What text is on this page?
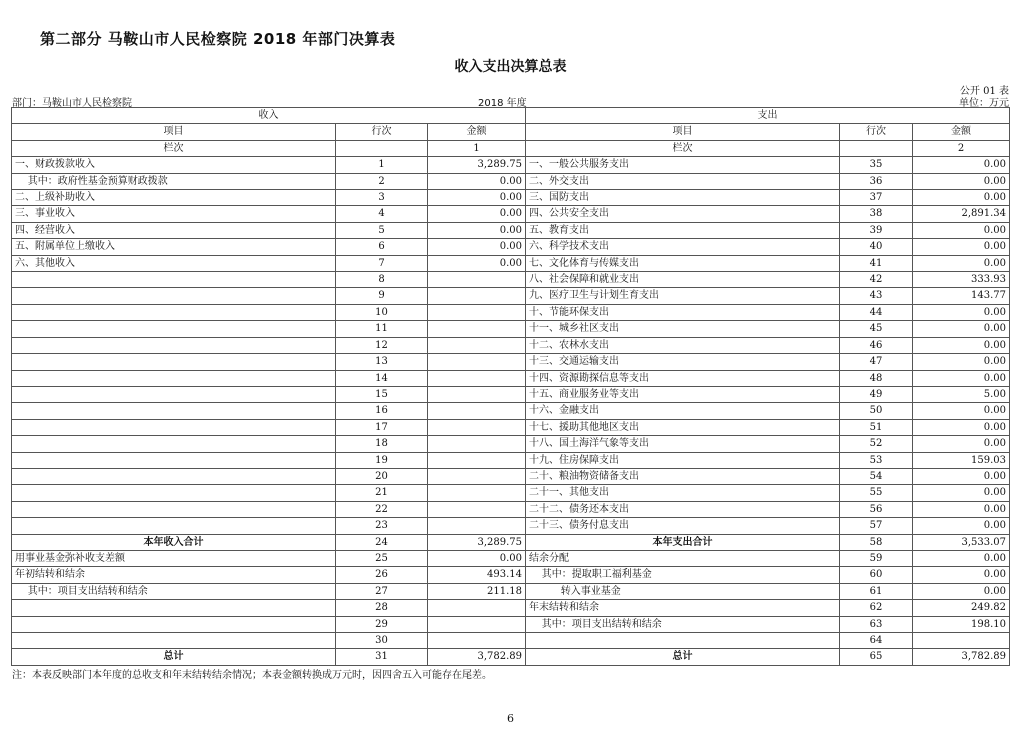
第二部分 马鞍山市人民检察院 2018 年部门决算表
收入支出决算总表
公开 01 表
部门：马鞍山市人民检察院	2018 年度	单位：万元
收入			支出		
项目	行次	金额	项目	行次	金额
栏次		1	栏次		2
一、财政拨款收入	1	3,289.75	一、一般公共服务支出	35	0.00
其中：政府性基金预算财政拨款	2	0.00	二、外交支出	36	0.00
二、上级补助收入	3	0.00	三、国防支出	37	0.00
三、事业收入	4	0.00	四、公共安全支出	38	2,891.34
四、经营收入	5	0.00	五、教育支出	39	0.00
五、附属单位上缴收入	6	0.00	六、科学技术支出	40	0.00
六、其他收入	7	0.00	七、文化体育与传媒支出	41	0.00
	8		八、社会保障和就业支出	42	333.93
	9		九、医疗卫生与计划生育支出	43	143.77
	10		十、节能环保支出	44	0.00
	11		十一、城乡社区支出	45	0.00
	12		十二、农林水支出	46	0.00
	13		十三、交通运输支出	47	0.00
	14		十四、资源勘探信息等支出	48	0.00
	15		十五、商业服务业等支出	49	5.00
	16		十六、金融支出	50	0.00
	17		十七、援助其他地区支出	51	0.00
	18		十八、国土海洋气象等支出	52	0.00
	19		十九、住房保障支出	53	159.03
	20		二十、粮油物资储备支出	54	0.00
	21		二十一、其他支出	55	0.00
	22		二十二、债务还本支出	56	0.00
	23		二十三、债务付息支出	57	0.00
本年收入合计	24	3,289.75	本年支出合计	58	3,533.07
用事业基金弥补收支差额	25	0.00	结余分配	59	0.00
年初结转和结余	26	493.14	其中：提取职工福利基金	60	0.00
其中：项目支出结转和结余	27	211.18	转入事业基金	61	0.00
	28		年末结转和结余	62	249.82
	29		其中：项目支出结转和结余	63	198.10
	30			64	
总计	31	3,782.89	总计	65	3,782.89
注：本表反映部门本年度的总收支和年末结转结余情况；本表金额转换成万元时，因四舍五入可能存在尾差。
6
